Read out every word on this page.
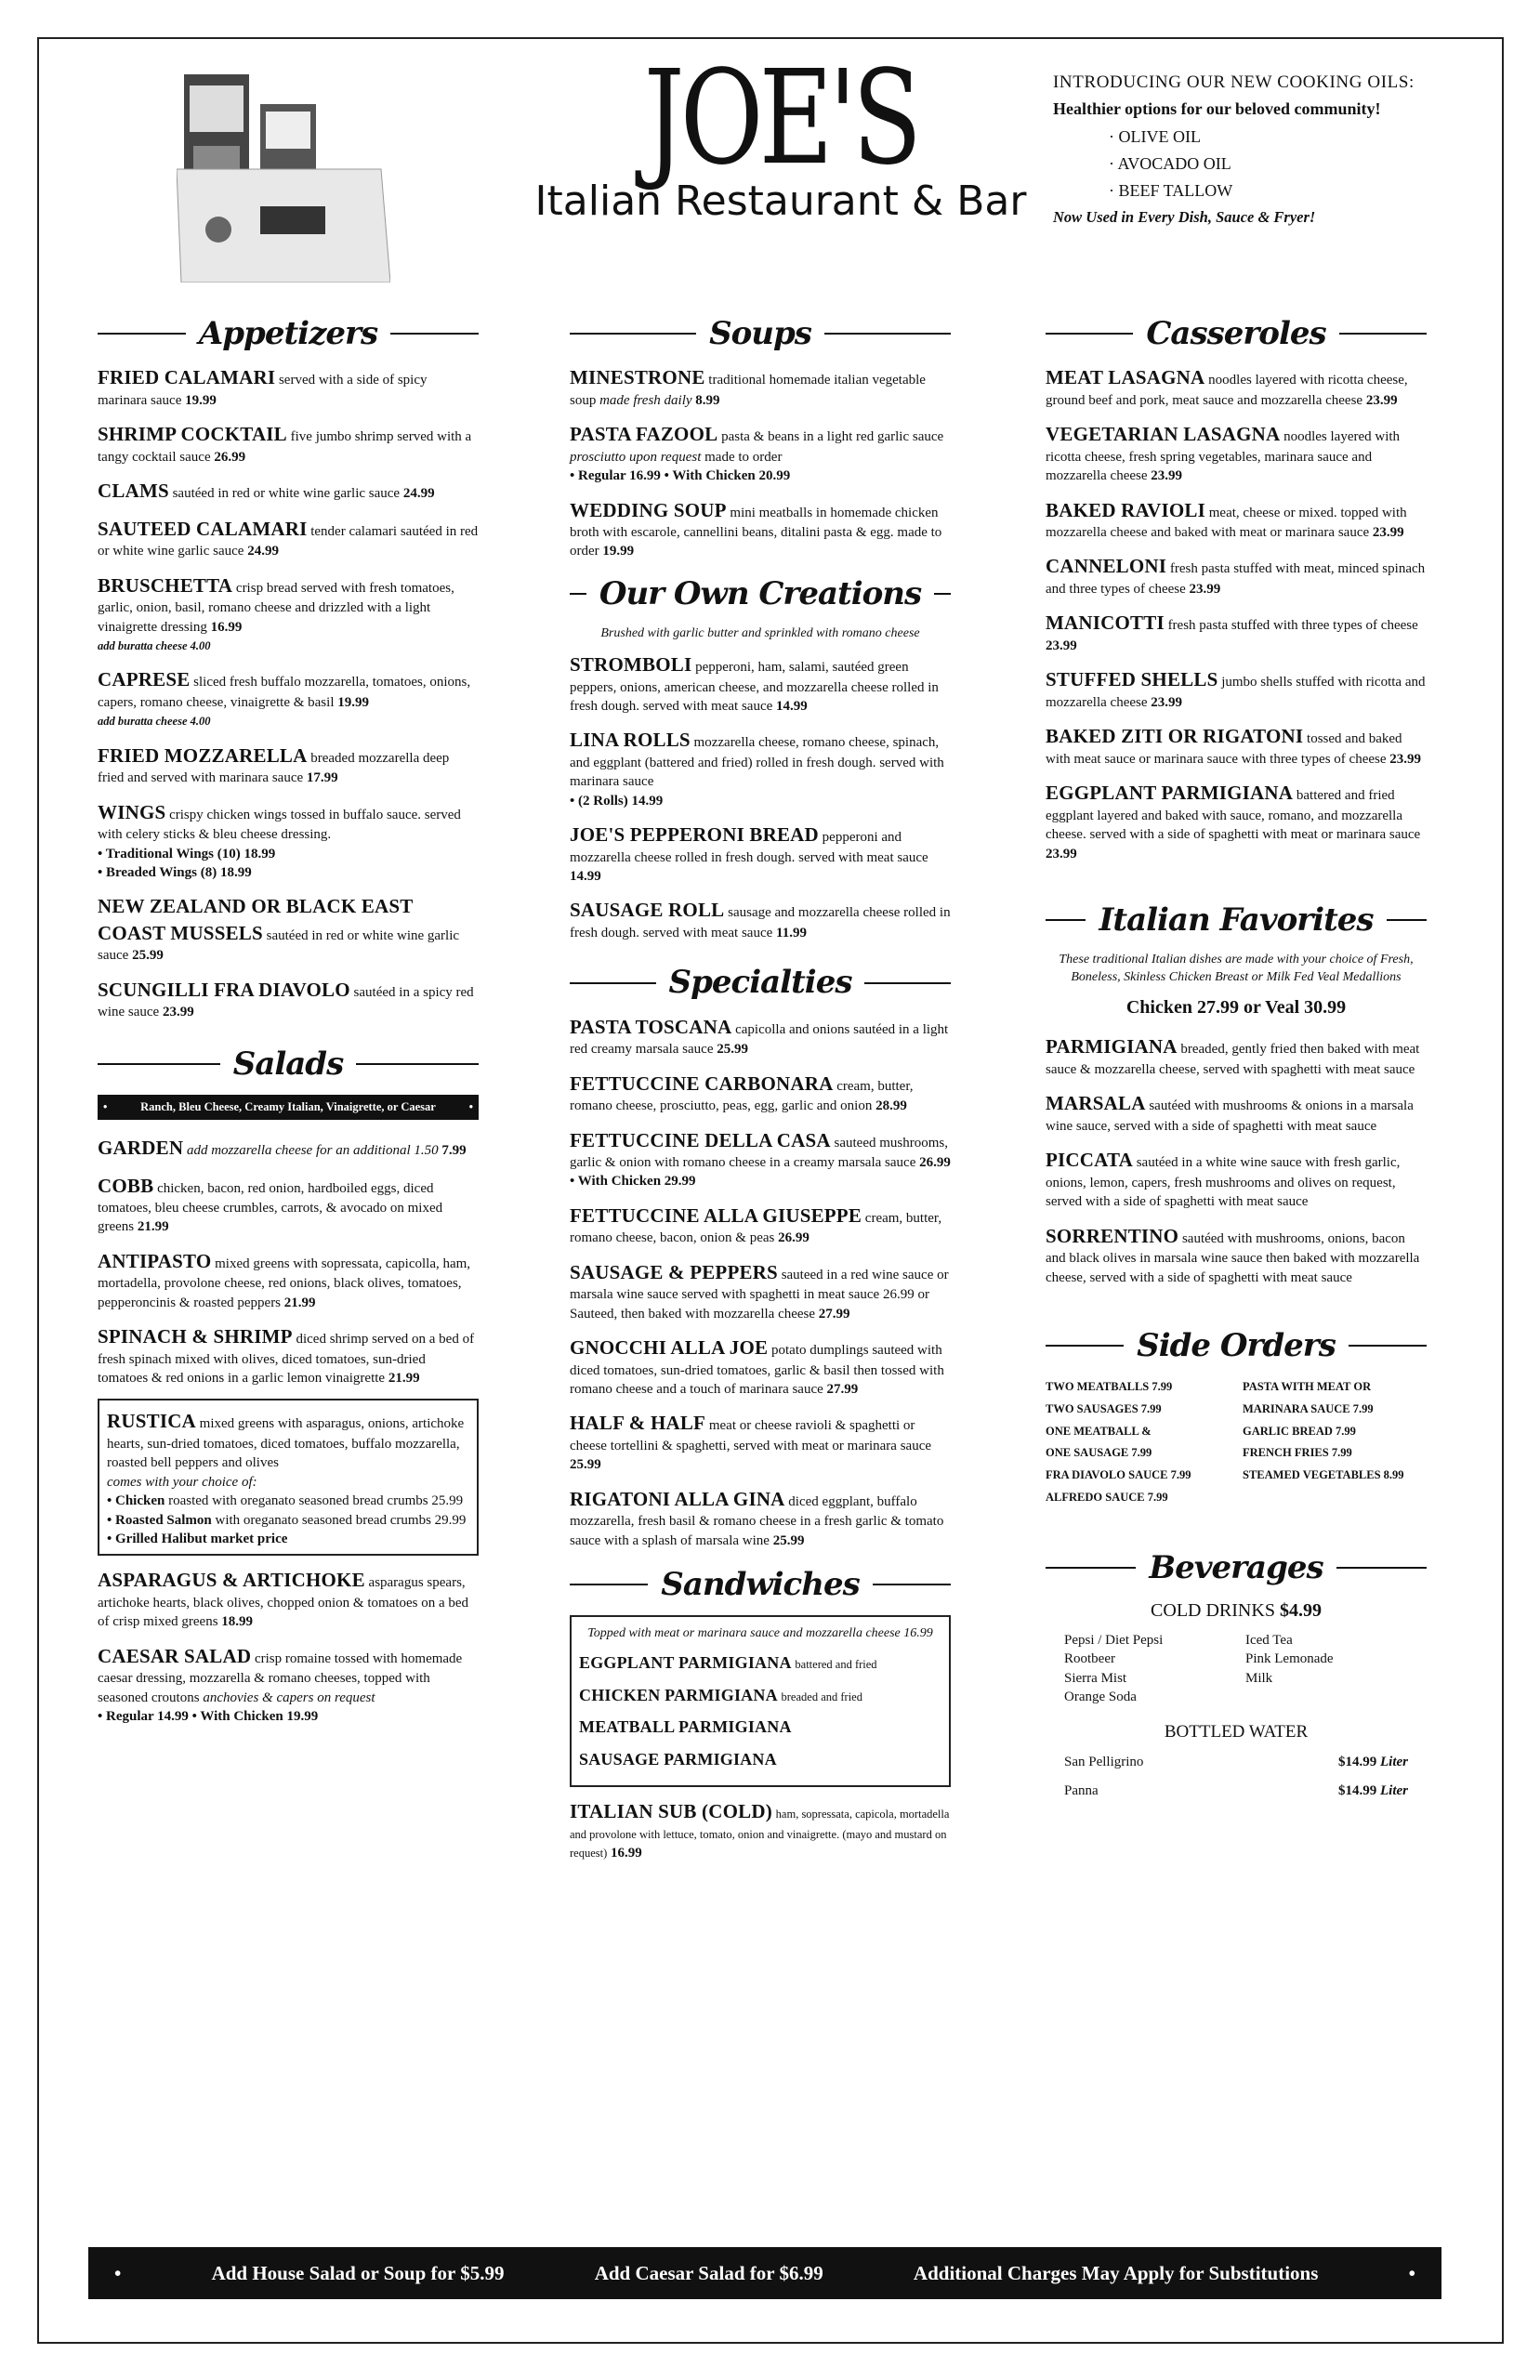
JOE'S
Italian Restaurant & Bar
INTRODUCING OUR NEW COOKING OILS:
Healthier options for our beloved community!
· OLIVE OIL
· AVOCADO OIL
· BEEF TALLOW
Now Used in Every Dish, Sauce & Fryer!
Appetizers
FRIED CALAMARI served with a side of spicy marinara sauce 19.99
SHRIMP COCKTAIL five jumbo shrimp served with a tangy cocktail sauce 26.99
CLAMS sautéed in red or white wine garlic sauce 24.99
SAUTEED CALAMARI tender calamari sautéed in red or white wine garlic sauce 24.99
BRUSCHETTA crisp bread served with fresh tomatoes, garlic, onion, basil, romano cheese and drizzled with a light vinaigrette dressing 16.99
add buratta cheese 4.00
CAPRESE sliced fresh buffalo mozzarella, tomatoes, onions, capers, romano cheese, vinaigrette & basil 19.99
add buratta cheese 4.00
FRIED MOZZARELLA breaded mozzarella deep fried and served with marinara sauce 17.99
WINGS crispy chicken wings tossed in buffalo sauce. served with celery sticks & bleu cheese dressing.
• Traditional Wings (10) 18.99
• Breaded Wings (8) 18.99
NEW ZEALAND OR BLACK EAST COAST MUSSELS sautéed in red or white wine garlic sauce 25.99
SCUNGILLI FRA DIAVOLO sautéed in a spicy red wine sauce 23.99
Salads
•	Ranch, Bleu Cheese, Creamy Italian, Vinaigrette, or Caesar	•
GARDEN add mozzarella cheese for an additional 1.50 7.99
COBB chicken, bacon, red onion, hardboiled eggs, diced tomatoes, bleu cheese crumbles, carrots, & avocado on mixed greens 21.99
ANTIPASTO mixed greens with sopressata, capicolla, ham, mortadella, provolone cheese, red onions, black olives, tomatoes, pepperoncinis & roasted peppers 21.99
SPINACH & SHRIMP diced shrimp served on a bed of fresh spinach mixed with olives, diced tomatoes, sun-dried tomatoes & red onions in a garlic lemon vinaigrette 21.99
RUSTICA mixed greens with asparagus, onions, artichoke hearts, sun-dried tomatoes, diced tomatoes, buffalo mozzarella, roasted bell peppers and olives
comes with your choice of:
• Chicken roasted with oreganato seasoned bread crumbs 25.99
• Roasted Salmon with oreganato seasoned bread crumbs 29.99
• Grilled Halibut market price
ASPARAGUS & ARTICHOKE asparagus spears, artichoke hearts, black olives, chopped onion & tomatoes on a bed of crisp mixed greens 18.99
CAESAR SALAD crisp romaine tossed with homemade caesar dressing, mozzarella & romano cheeses, topped with seasoned croutons anchovies & capers on request
• Regular 14.99 • With Chicken 19.99
Soups
MINESTRONE traditional homemade italian vegetable soup made fresh daily 8.99
PASTA FAZOOL pasta & beans in a light red garlic sauce prosciutto upon request made to order
• Regular 16.99 • With Chicken 20.99
WEDDING SOUP mini meatballs in homemade chicken broth with escarole, cannellini beans, ditalini pasta & egg. made to order 19.99
Our Own Creations
Brushed with garlic butter and sprinkled with romano cheese
STROMBOLI pepperoni, ham, salami, sautéed green peppers, onions, american cheese, and mozzarella cheese rolled in fresh dough. served with meat sauce 14.99
LINA ROLLS mozzarella cheese, romano cheese, spinach, and eggplant (battered and fried) rolled in fresh dough. served with marinara sauce
• (2 Rolls) 14.99
JOE'S PEPPERONI BREAD pepperoni and mozzarella cheese rolled in fresh dough. served with meat sauce 14.99
SAUSAGE ROLL sausage and mozzarella cheese rolled in fresh dough. served with meat sauce 11.99
Specialties
PASTA TOSCANA capicolla and onions sautéed in a light red creamy marsala sauce 25.99
FETTUCCINE CARBONARA cream, butter, romano cheese, prosciutto, peas, egg, garlic and onion 28.99
FETTUCCINE DELLA CASA sauteed mushrooms, garlic & onion with romano cheese in a creamy marsala sauce 26.99
• With Chicken 29.99
FETTUCCINE ALLA GIUSEPPE cream, butter, romano cheese, bacon, onion & peas 26.99
SAUSAGE & PEPPERS sauteed in a red wine sauce or marsala wine sauce served with spaghetti in meat sauce 26.99 or Sauteed, then baked with mozzarella cheese 27.99
GNOCCHI ALLA JOE potato dumplings sauteed with diced tomatoes, sun-dried tomatoes, garlic & basil then tossed with romano cheese and a touch of marinara sauce 27.99
HALF & HALF meat or cheese ravioli & spaghetti or cheese tortellini & spaghetti, served with meat or marinara sauce 25.99
RIGATONI ALLA GINA diced eggplant, buffalo mozzarella, fresh basil & romano cheese in a fresh garlic & tomato sauce with a splash of marsala wine 25.99
Sandwiches
Topped with meat or marinara sauce and mozzarella cheese 16.99
EGGPLANT PARMIGIANA battered and fried
CHICKEN PARMIGIANA breaded and fried
MEATBALL PARMIGIANA
SAUSAGE PARMIGIANA
ITALIAN SUB (COLD) ham, sopressata, capicola, mortadella and provolone with lettuce, tomato, onion and vinaigrette. (mayo and mustard on request) 16.99
Casseroles
MEAT LASAGNA noodles layered with ricotta cheese, ground beef and pork, meat sauce and mozzarella cheese 23.99
VEGETARIAN LASAGNA noodles layered with ricotta cheese, fresh spring vegetables, marinara sauce and mozzarella cheese 23.99
BAKED RAVIOLI meat, cheese or mixed. topped with mozzarella cheese and baked with meat or marinara sauce 23.99
CANNELONI fresh pasta stuffed with meat, minced spinach and three types of cheese 23.99
MANICOTTI fresh pasta stuffed with three types of cheese 23.99
STUFFED SHELLS jumbo shells stuffed with ricotta and mozzarella cheese 23.99
BAKED ZITI OR RIGATONI tossed and baked with meat sauce or marinara sauce with three types of cheese 23.99
EGGPLANT PARMIGIANA battered and fried eggplant layered and baked with sauce, romano, and mozzarella cheese. served with a side of spaghetti with meat or marinara sauce 23.99
Italian Favorites
These traditional Italian dishes are made with your choice of Fresh, Boneless, Skinless Chicken Breast or Milk Fed Veal Medallions
Chicken 27.99 or Veal 30.99
PARMIGIANA breaded, gently fried then baked with meat sauce & mozzarella cheese, served with spaghetti with meat sauce
MARSALA sautéed with mushrooms & onions in a marsala wine sauce, served with a side of spaghetti with meat sauce
PICCATA sautéed in a white wine sauce with fresh garlic, onions, lemon, capers, fresh mushrooms and olives on request, served with a side of spaghetti with meat sauce
SORRENTINO sautéed with mushrooms, onions, bacon and black olives in marsala wine sauce then baked with mozzarella cheese, served with a side of spaghetti with meat sauce
Side Orders
TWO MEATBALLS 7.99
TWO SAUSAGES 7.99
ONE MEATBALL &
ONE SAUSAGE 7.99
FRA DIAVOLO SAUCE 7.99
ALFREDO SAUCE 7.99
PASTA WITH MEAT OR
MARINARA SAUCE 7.99
GARLIC BREAD 7.99
FRENCH FRIES 7.99
STEAMED VEGETABLES 8.99
Beverages
COLD DRINKS $4.99
Pepsi / Diet Pepsi
Rootbeer
Sierra Mist
Orange Soda
Iced Tea
Pink Lemonade
Milk
BOTTLED WATER
San Pelligrino	$14.99 Liter
Panna	$14.99 Liter
•	Add House Salad or Soup for $5.99	Add Caesar Salad for $6.99	Additional Charges May Apply for Substitutions	•
